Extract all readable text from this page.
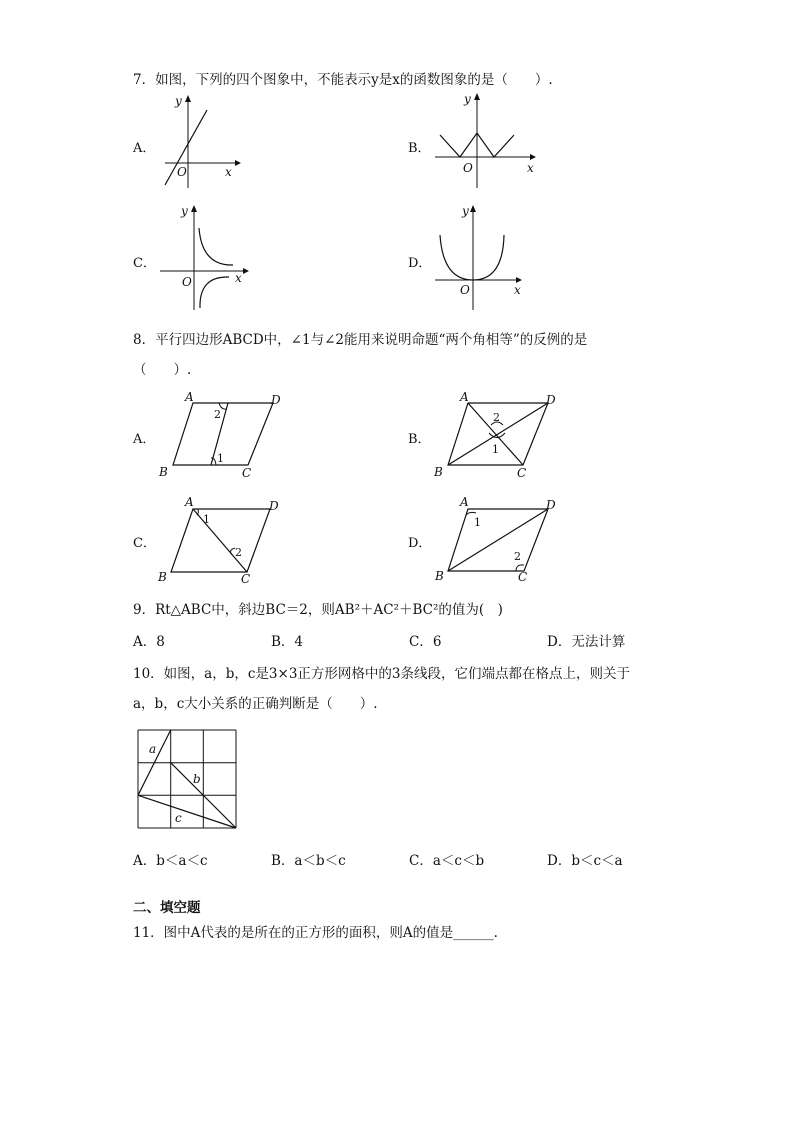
7．如图，下列的四个图象中，不能表示y是x的函数图象的是（　　）.
A．
y
O	x
B．
y
O	x
C．
y
O	x
D．
y
O	x
8．平行四边形ABCD中，∠1与∠2能用来说明命题“两个角相等”的反例的是
（　　）.
A．
A	D
B	C
2
1
B．
A	D
B	C
2
1
C．
A	D
B	C
1
2
D．
A	D
B	C
1
2
9．Rt△ABC中，斜边BC＝2，则AB²＋AC²＋BC²的值为(　)
A．8	B．4	C．6	D．无法计算
10．如图，a，b，c是3×3正方形网格中的3条线段，它们端点都在格点上，则关于
a，b，c大小关系的正确判断是（　　）.
a
b
c
A．b＜a＜c	B．a＜b＜c	C．a＜c＜b	D．b＜c＜a
二、填空题
11．图中A代表的是所在的正方形的面积，则A的值是______.
